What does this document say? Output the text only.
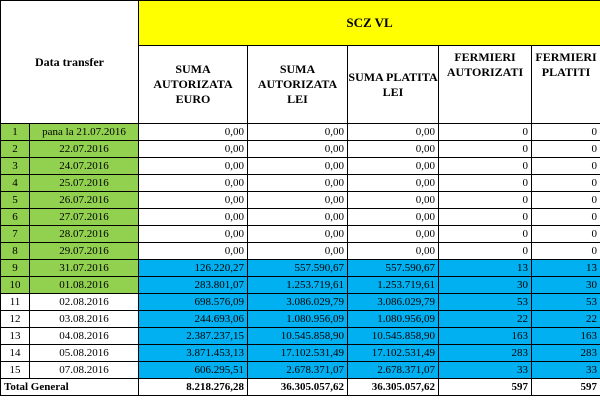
Data transfer		SCZ VL				
		SUMA AUTORIZATA EURO	SUMA AUTORIZATA LEI	SUMA PLATITA LEI	FERMIERI AUTORIZATI	FERMIERI PLATITI
1	pana la 21.07.2016	0,00	0,00	0,00	0	0
2	22.07.2016	0,00	0,00	0,00	0	0
3	24.07.2016	0,00	0,00	0,00	0	0
4	25.07.2016	0,00	0,00	0,00	0	0
5	26.07.2016	0,00	0,00	0,00	0	0
6	27.07.2016	0,00	0,00	0,00	0	0
7	28.07.2016	0,00	0,00	0,00	0	0
8	29.07.2016	0,00	0,00	0,00	0	0
9	31.07.2016	126.220,27	557.590,67	557.590,67	13	13
10	01.08.2016	283.801,07	1.253.719,61	1.253.719,61	30	30
11	02.08.2016	698.576,09	3.086.029,79	3.086.029,79	53	53
12	03.08.2016	244.693,06	1.080.956,09	1.080.956,09	22	22
13	04.08.2016	2.387.237,15	10.545.858,90	10.545.858,90	163	163
14	05.08.2016	3.871.453,13	17.102.531,49	17.102.531,49	283	283
15	07.08.2016	606.295,51	2.678.371,07	2.678.371,07	33	33
Total General		8.218.276,28	36.305.057,62	36.305.057,62	597	597
